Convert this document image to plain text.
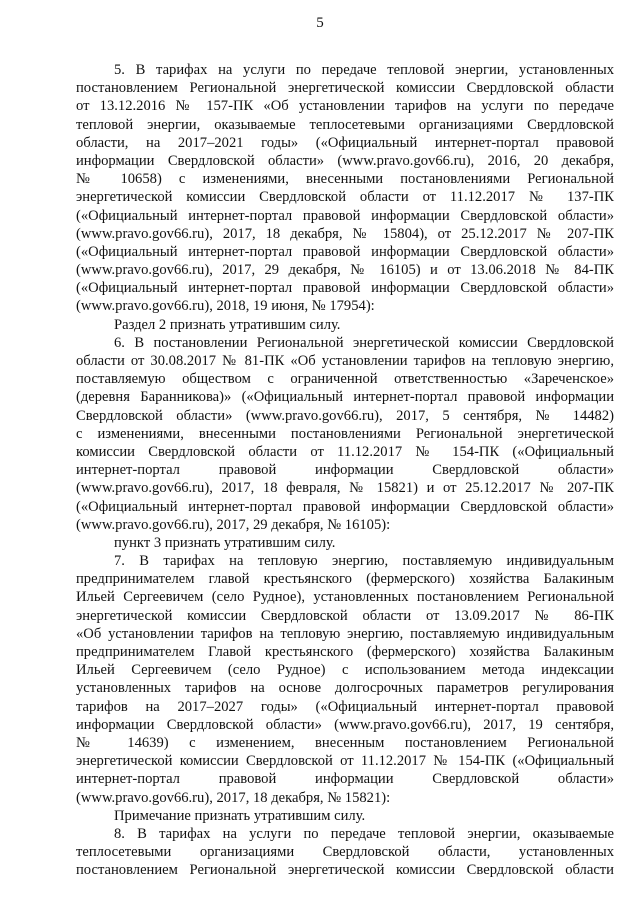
5
5. В тарифах на услуги по передаче тепловой энергии, установленных
постановлением Региональной энергетической комиссии Свердловской области
от 13.12.2016 № 157-ПК «Об установлении тарифов на услуги по передаче
тепловой энергии, оказываемые теплосетевыми организациями Свердловской
области, на 2017–2021 годы» («Официальный интернет-портал правовой
информации Свердловской области» (www.pravo.gov66.ru), 2016, 20 декабря,
№ 10658) с изменениями, внесенными постановлениями Региональной
энергетической комиссии Свердловской области от 11.12.2017 № 137-ПК
(«Официальный интернет-портал правовой информации Свердловской области»
(www.pravo.gov66.ru), 2017, 18 декабря, № 15804), от 25.12.2017 № 207-ПК
(«Официальный интернет-портал правовой информации Свердловской области»
(www.pravo.gov66.ru), 2017, 29 декабря, № 16105) и от 13.06.2018 № 84-ПК
(«Официальный интернет-портал правовой информации Свердловской области»
(www.pravo.gov66.ru), 2018, 19 июня, № 17954):
Раздел 2 признать утратившим силу.
6. В постановлении Региональной энергетической комиссии Свердловской
области от 30.08.2017 № 81-ПК «Об установлении тарифов на тепловую энергию,
поставляемую обществом с ограниченной ответственностью «Зареченское»
(деревня Баранникова)» («Официальный интернет-портал правовой информации
Свердловской области» (www.pravo.gov66.ru), 2017, 5 сентября, № 14482)
с изменениями, внесенными постановлениями Региональной энергетической
комиссии Свердловской области от 11.12.2017 № 154-ПК («Официальный
интернет-портал правовой информации Свердловской области»
(www.pravo.gov66.ru), 2017, 18 февраля, № 15821) и от 25.12.2017 № 207-ПК
(«Официальный интернет-портал правовой информации Свердловской области»
(www.pravo.gov66.ru), 2017, 29 декабря, № 16105):
пункт 3 признать утратившим силу.
7. В тарифах на тепловую энергию, поставляемую индивидуальным
предпринимателем главой крестьянского (фермерского) хозяйства Балакиным
Ильей Сергеевичем (село Рудное), установленных постановлением Региональной
энергетической комиссии Свердловской области от 13.09.2017 № 86-ПК
«Об установлении тарифов на тепловую энергию, поставляемую индивидуальным
предпринимателем Главой крестьянского (фермерского) хозяйства Балакиным
Ильей Сергеевичем (село Рудное) с использованием метода индексации
установленных тарифов на основе долгосрочных параметров регулирования
тарифов на 2017–2027 годы» («Официальный интернет-портал правовой
информации Свердловской области» (www.pravo.gov66.ru), 2017, 19 сентября,
№ 14639) с изменением, внесенным постановлением Региональной
энергетической комиссии Свердловской от 11.12.2017 № 154-ПК («Официальный
интернет-портал правовой информации Свердловской области»
(www.pravo.gov66.ru), 2017, 18 декабря, № 15821):
Примечание признать утратившим силу.
8. В тарифах на услуги по передаче тепловой энергии, оказываемые
теплосетевыми организациями Свердловской области, установленных
постановлением Региональной энергетической комиссии Свердловской области
